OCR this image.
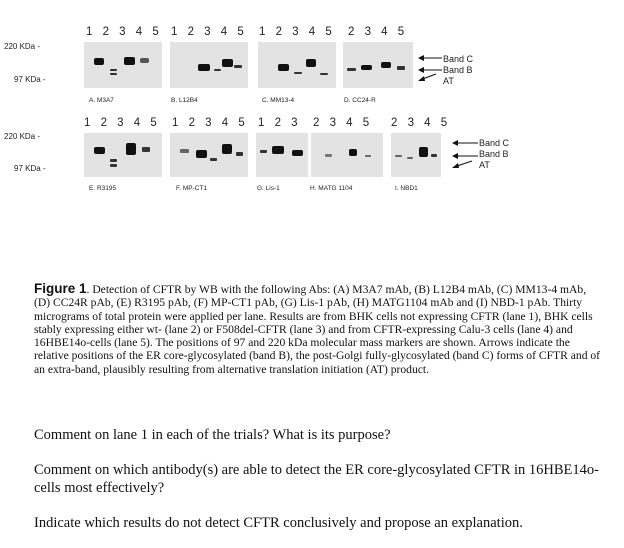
1 2 3 4 5 1 2 3 4 5 1 2 3 4 5 2 3 4 5
220 KDa -
97 KDa -
A. M3A7	B. L12B4	C. MM13-4	D. CC24-R
Band C
Band B
AT
1 2 3 4 5 1 2 3 4 5 1 2 3 2 3 4 5 2 3 4 5
220 KDa -
97 KDa -
E. R3195	F. MP-CT1	G. Lis-1	H. MATG 1104	I. NBD1
Band C
Band B
AT
Figure 1. Detection of CFTR by WB with the following Abs: (A) M3A7 mAb, (B) L12B4 mAb, (C) MM13-4 mAb, (D) CC24R pAb, (E) R3195 pAb, (F) MP-CT1 pAb, (G) Lis-1 pAb, (H) MATG1104 mAb and (I) NBD-1 pAb. Thirty micrograms of total protein were applied per lane. Results are from BHK cells not expressing CFTR (lane 1), BHK cells stably expressing either wt- (lane 2) or F508del-CFTR (lane 3) and from CFTR-expressing Calu-3 cells (lane 4) and 16HBE14o-cells (lane 5). The positions of 97 and 220 kDa molecular mass markers are shown. Arrows indicate the relative positions of the ER core-glycosylated (band B), the post-Golgi fully-glycosylated (band C) forms of CFTR and of an extra-band, plausibly resulting from alternative translation initiation (AT) product.
Comment on lane 1 in each of the trials? What is its purpose?
Comment on which antibody(s) are able to detect the ER core-glycosylated CFTR in 16HBE14o-cells most effectively?
Indicate which results do not detect CFTR conclusively and propose an explanation.
